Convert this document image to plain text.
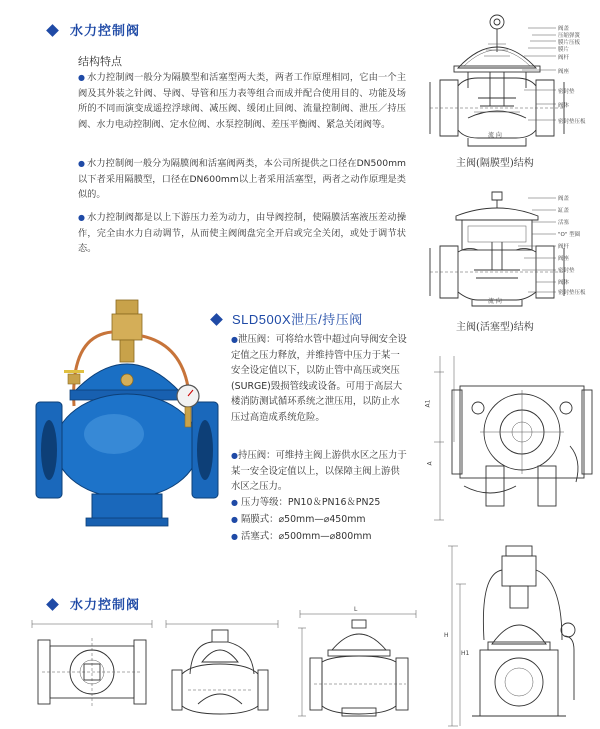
水力控制阀
结构特点
● 水力控制阀一般分为隔膜型和活塞型两大类，两者工作原理相同，它由一个主阀及其外装之针阀、导阀、导管和压力表等组合而成并配合使用目的、功能及场所的不同而演变成遥控浮球阀、减压阀、缓闭止回阀、流量控制阀、泄压／持压阀、水力电动控制阀、定水位阀、水泵控制阀、差压平衡阀、紧急关闭阀等。
● 水力控制阀一般分为隔膜阀和活塞阀两类，本公司所提供之口径在DN500mm以下者采用隔膜型，口径在DN600mm以上者采用活塞型，两者之动作原理是类似的。
● 水力控制阀都是以上下游压力差为动力，由导阀控制，使隔膜活塞液压差动操作，完全由水力自动调节，从而使主阀阀盘完全开启或完全关闭，或处于调节状态。
阀盖
压缩弹簧
膜片压板
膜片
阀杆
阀座
密封垫
阀体
密封垫压板
流 向
主阀(隔膜型)结构
阀盖
缸盖
活塞
"O" 型圈
阀杆
阀座
密封垫
阀体
密封垫压板
流 向
主阀(活塞型)结构
SLD500X泄压/持压阀
●泄压阀：可将给水管中超过向导阀安全设定值之压力释放，并维持管中压力于某一安全设定值以下，以防止管中高压或突压(SURGE)毁损管线或设备。可用于高层大楼消防测试循环系统之泄压用，以防止水压过高造成系统危险。
●持压阀：可维持主阀上游供水区之压力于某一安全设定值以上，以保障主阀上游供水区之压力。
● 压力等级：PN10＆PN16＆PN25
● 隔膜式：⌀50mm—⌀450mm
● 活塞式：⌀500mm—⌀800mm
A1
A
H
H1
水力控制阀	L
